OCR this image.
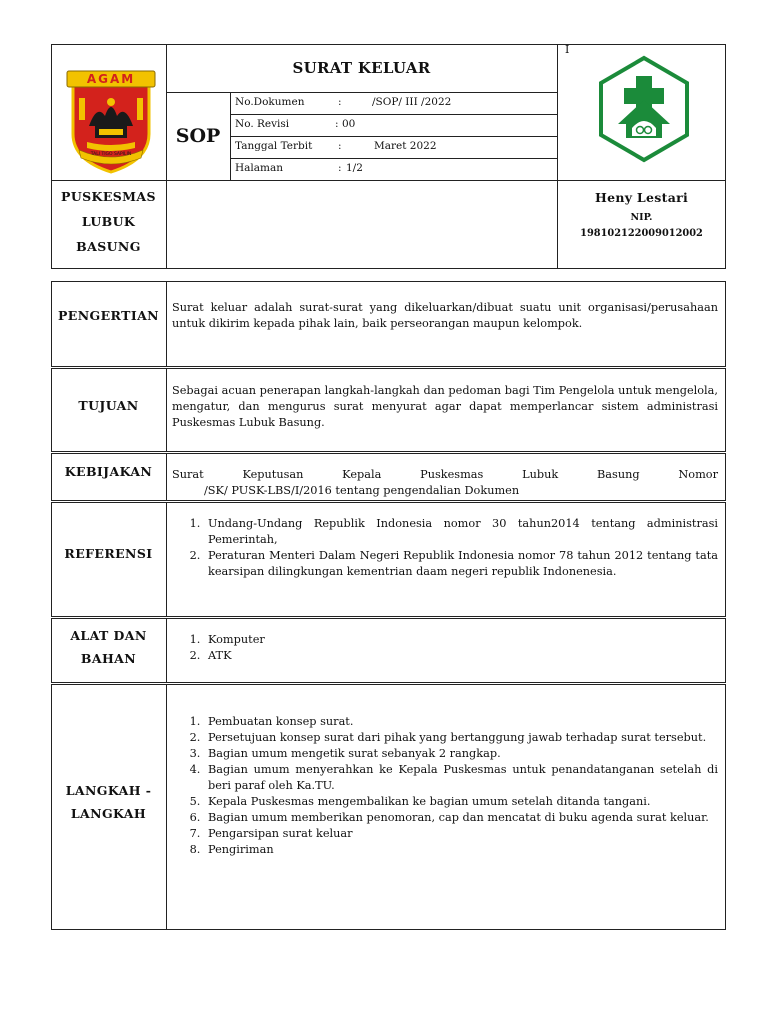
AGAM
TALI TIGO SAPILIN
SURAT KELUAR
I
SOP
No.Dokumen	:	/SOP/ III /2022
No. Revisi	: 00
Tanggal Terbit :	Maret 2022
Halaman	: 1/2
PUSKESMAS
LUBUK
BASUNG
Heny Lestari
NIP.
198102122009012002
PENGERTIAN
Surat keluar adalah surat-surat yang dikeluarkan/dibuat suatu unit organisasi/perusahaan untuk dikirim kepada pihak lain, baik perseorangan maupun kelompok.
TUJUAN
Sebagai acuan penerapan langkah-langkah dan pedoman bagi Tim Pengelola untuk mengelola, mengatur, dan mengurus surat menyurat agar dapat memperlancar sistem administrasi Puskesmas Lubuk Basung.
KEBIJAKAN	Surat Keputusan Kepala Puskesmas Lubuk Basung Nomor
/SK/ PUSK-LBS/I/2016 tentang pengendalian Dokumen
REFERENSI
1. Undang-Undang Republik Indonesia nomor 30 tahun2014 tentang administrasi Pemerintah,
2. Peraturan Menteri Dalam Negeri Republik Indonesia nomor 78 tahun 2012 tentang tata kearsipan dilingkungan kementrian daam negeri republik Indonenesia.
ALAT DAN
BAHAN
1. Komputer
2. ATK
LANGKAH -
LANGKAH
1. Pembuatan konsep surat.
2. Persetujuan konsep surat dari pihak yang bertanggung jawab terhadap surat tersebut.
3. Bagian umum mengetik surat sebanyak 2 rangkap.
4. Bagian umum menyerahkan ke Kepala Puskesmas untuk penandatanganan setelah di beri paraf oleh Ka.TU.
5. Kepala Puskesmas mengembalikan ke bagian umum setelah ditanda tangani.
6. Bagian umum memberikan penomoran, cap dan mencatat di buku agenda surat keluar.
7. Pengarsipan surat keluar
8. Pengiriman
